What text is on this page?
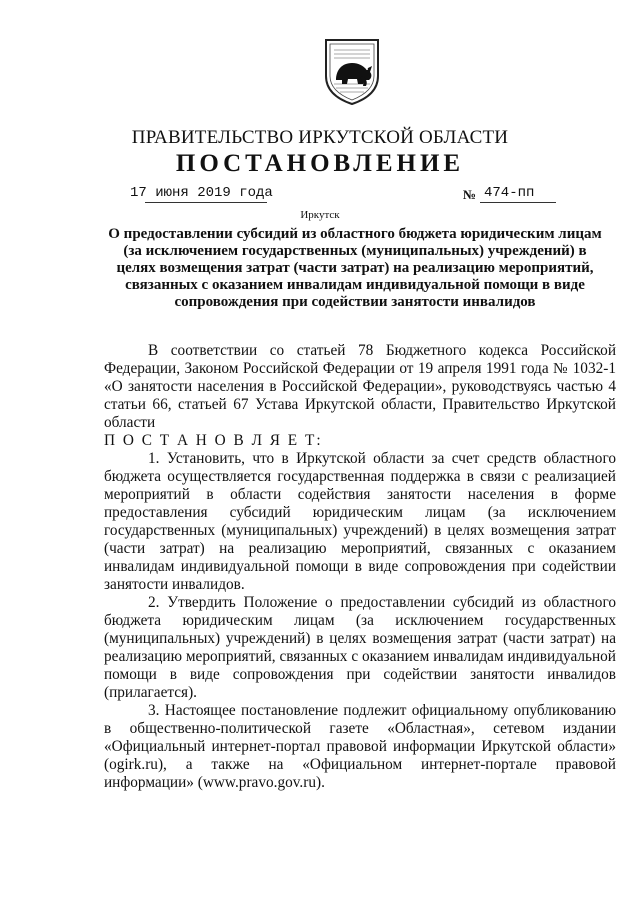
ПРАВИТЕЛЬСТВО ИРКУТСКОЙ ОБЛАСТИ
ПОСТАНОВЛЕНИЕ
17 июня 2019 года	№ 474-пп
Иркутск
О предоставлении субсидий из областного бюджета юридическим лицам (за исключением государственных (муниципальных) учреждений) в целях возмещения затрат (части затрат) на реализацию мероприятий, связанных с оказанием инвалидам индивидуальной помощи в виде сопровождения при содействии занятости инвалидов

В соответствии со статьей 78 Бюджетного кодекса Российской Федерации, Законом Российской Федерации от 19 апреля 1991 года № 1032-1 «О занятости населения в Российской Федерации», руководствуясь частью 4 статьи 66, статьей 67 Устава Иркутской области, Правительство Иркутской области

П О С Т А Н О В Л Я Е Т:

1. Установить, что в Иркутской области за счет средств областного бюджета осуществляется государственная поддержка в связи с реализацией мероприятий в области содействия занятости населения в форме предоставления субсидий юридическим лицам (за исключением государственных (муниципальных) учреждений) в целях возмещения затрат (части затрат) на реализацию мероприятий, связанных с оказанием инвалидам индивидуальной помощи в виде сопровождения при содействии занятости инвалидов.

2. Утвердить Положение о предоставлении субсидий из областного бюджета юридическим лицам (за исключением государственных (муниципальных) учреждений) в целях возмещения затрат (части затрат) на реализацию мероприятий, связанных с оказанием инвалидам индивидуальной помощи в виде сопровождения при содействии занятости инвалидов (прилагается).

3. Настоящее постановление подлежит официальному опубликованию в общественно-политической газете «Областная», сетевом издании «Официальный интернет-портал правовой информации Иркутской области» (ogirk.ru), а также на «Официальном интернет-портале правовой информации» (www.pravo.gov.ru).
